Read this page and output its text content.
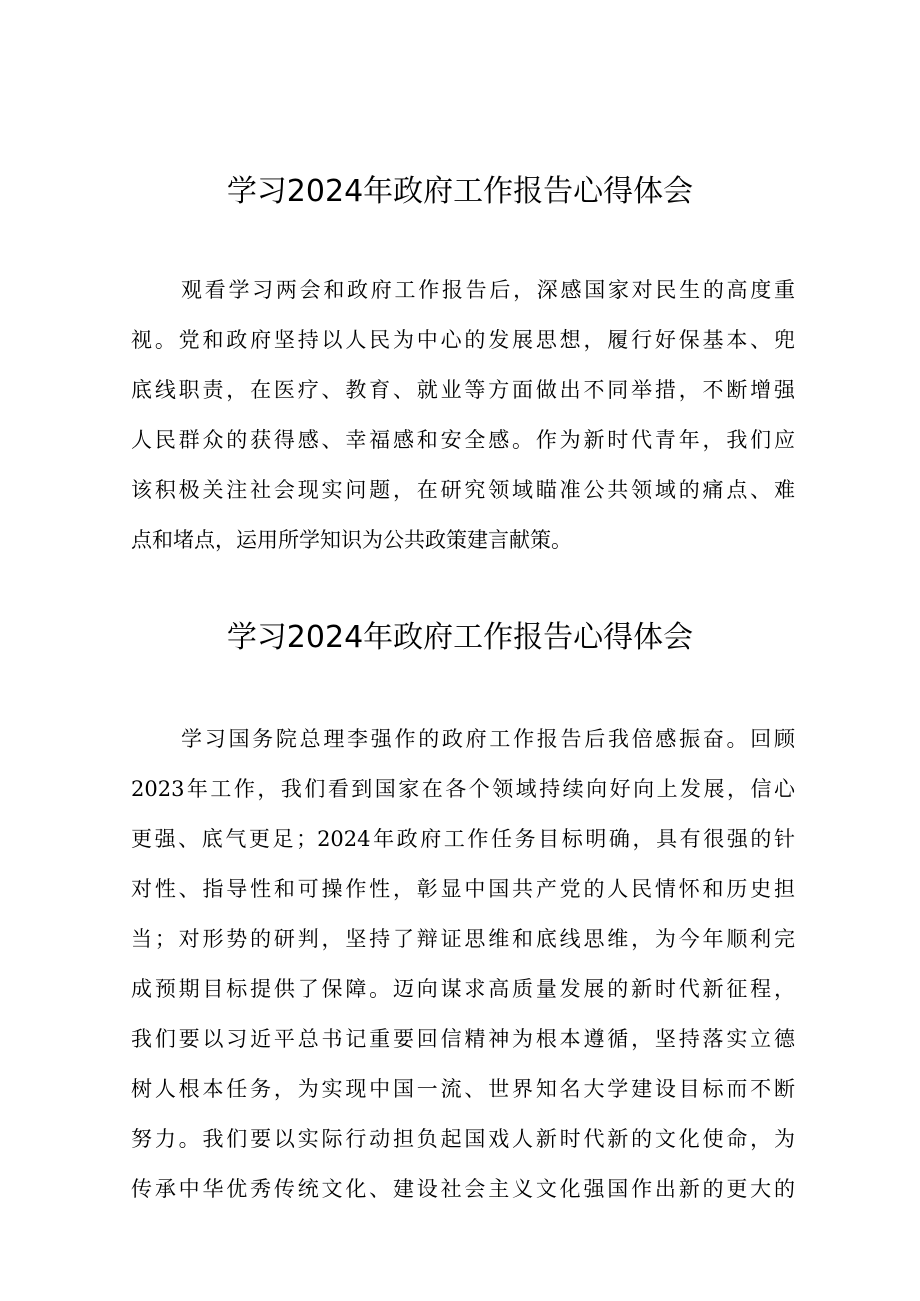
学习2024年政府工作报告心得体会
观看学习两会和政府工作报告后，深感国家对民生的高度重
视。党和政府坚持以人民为中心的发展思想，履行好保基本、兜
底线职责，在医疗、教育、就业等方面做出不同举措，不断增强
人民群众的获得感、幸福感和安全感。作为新时代青年，我们应
该积极关注社会现实问题，在研究领域瞄准公共领域的痛点、难
点和堵点，运用所学知识为公共政策建言献策。
学习2024年政府工作报告心得体会
学习国务院总理李强作的政府工作报告后我倍感振奋。回顾
2023年工作，我们看到国家在各个领域持续向好向上发展，信心
更强、底气更足；2024年政府工作任务目标明确，具有很强的针
对性、指导性和可操作性，彰显中国共产党的人民情怀和历史担
当；对形势的研判，坚持了辩证思维和底线思维，为今年顺利完
成预期目标提供了保障。迈向谋求高质量发展的新时代新征程，
我们要以习近平总书记重要回信精神为根本遵循，坚持落实立德
树人根本任务，为实现中国一流、世界知名大学建设目标而不断
努力。我们要以实际行动担负起国戏人新时代新的文化使命，为
传承中华优秀传统文化、建设社会主义文化强国作出新的更大的
